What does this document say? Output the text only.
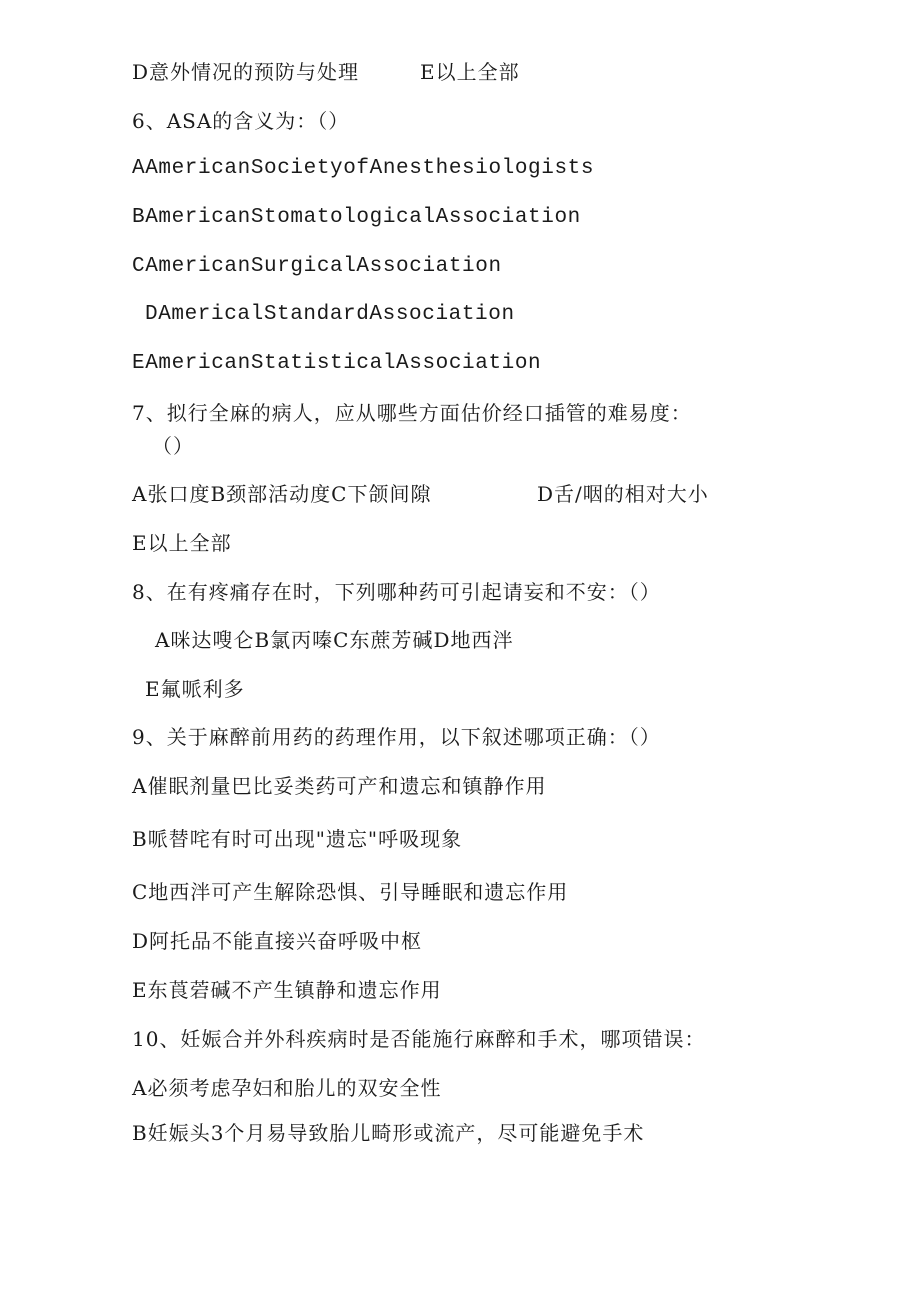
D意外情况的预防与处理	E以上全部
6、ASA的含义为：（）
AAmericanSocietyofAnesthesiologists
BAmericanStomatologicalAssociation
CAmericanSurgicalAssociation
DAmericalStandardAssociation
EAmericanStatisticalAssociation
7、拟行全麻的病人，应从哪些方面估价经口插管的难易度：
（）
A张口度B颈部活动度C下颌间隙	D舌/咽的相对大小
E以上全部
8、在有疼痛存在时，下列哪种药可引起请妄和不安：（）
A咪达嗖仑B氯丙嗪C东蔗芳碱D地西泮
E氟哌利多
9、关于麻醉前用药的药理作用，以下叙述哪项正确：（）
A催眠剂量巴比妥类药可产和遗忘和镇静作用
B哌替咤有时可出现"遗忘"呼吸现象
C地西泮可产生解除恐惧、引导睡眠和遗忘作用
D阿托品不能直接兴奋呼吸中枢
E东莨菪碱不产生镇静和遗忘作用
10、妊娠合并外科疾病时是否能施行麻醉和手术，哪项错误：
A必须考虑孕妇和胎儿的双安全性
B妊娠头3个月易导致胎儿畸形或流产，尽可能避免手术
